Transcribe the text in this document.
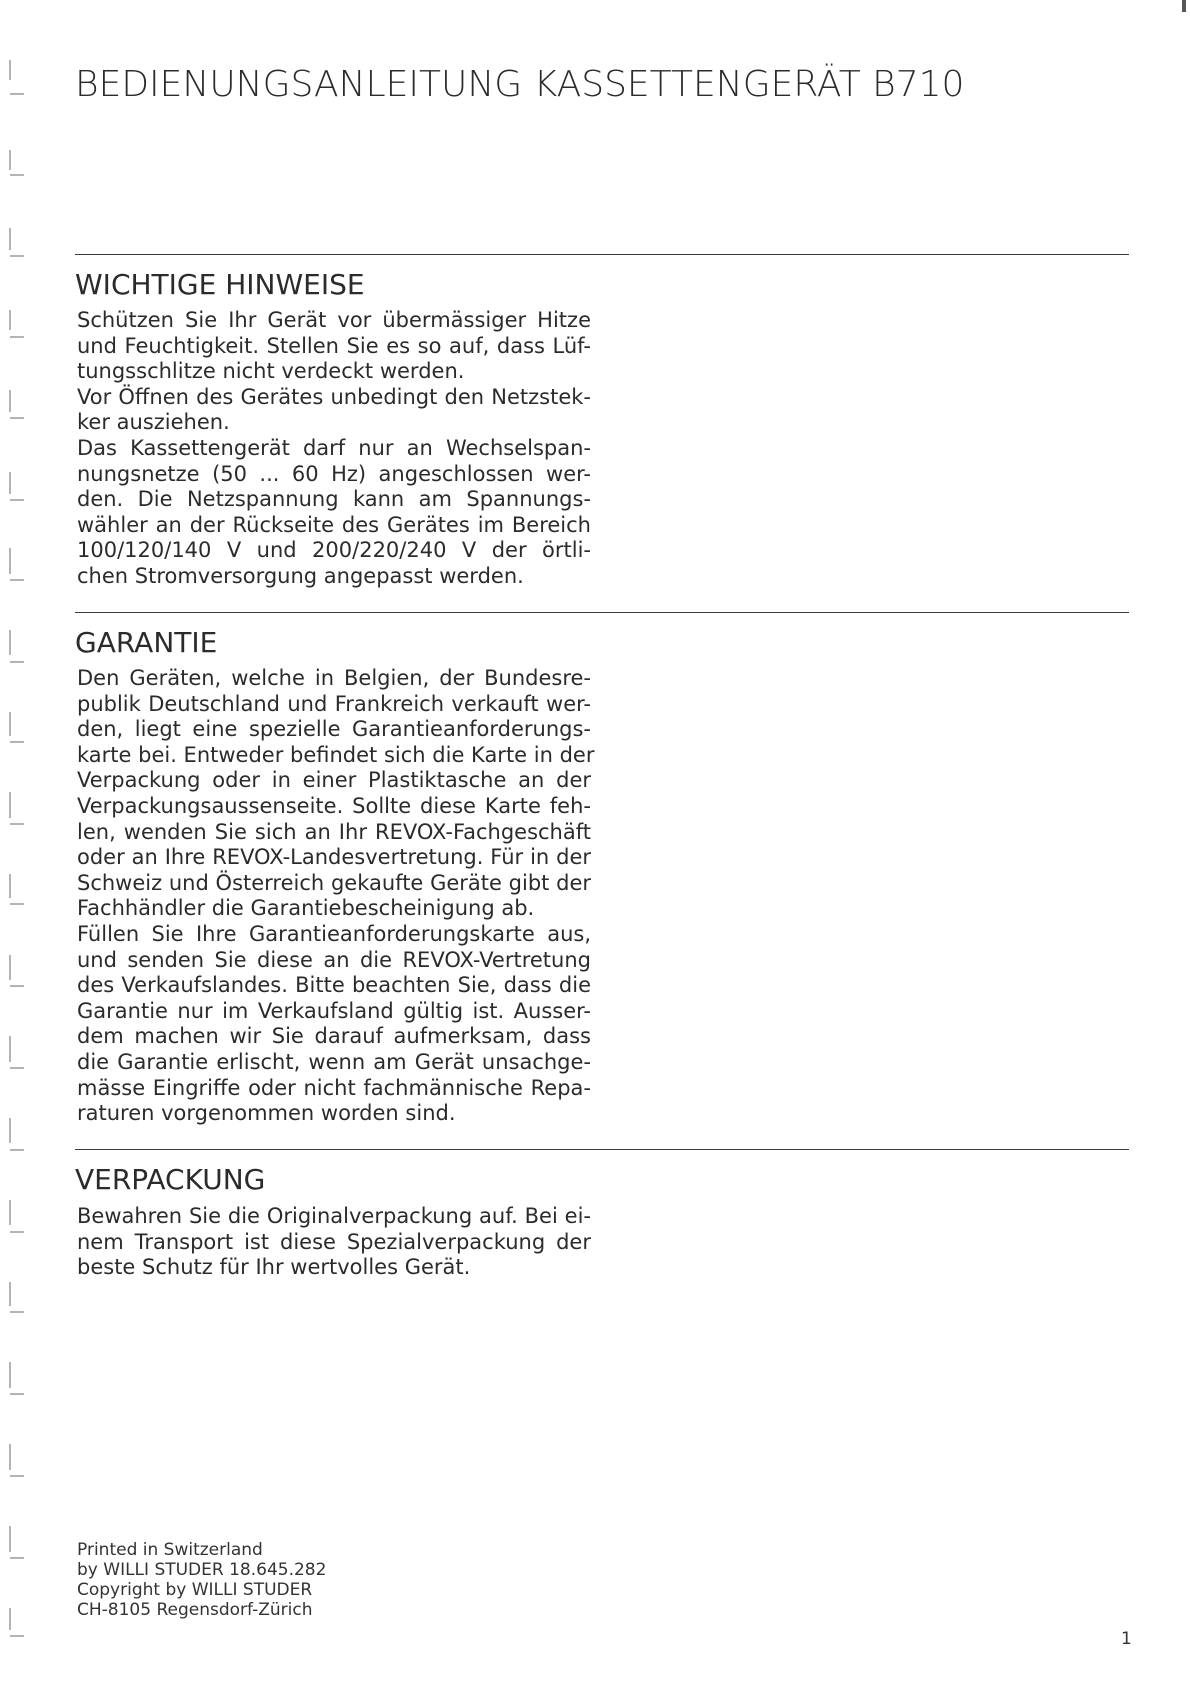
BEDIENUNGSANLEITUNG KASSETTENGERÄT B710
WICHTIGE HINWEISE
Schützen Sie Ihr Gerät vor übermässiger Hitze
und Feuchtigkeit. Stellen Sie es so auf, dass Lüf-
tungsschlitze nicht verdeckt werden.
Vor Öffnen des Gerätes unbedingt den Netzstek-
ker ausziehen.
Das Kassettengerät darf nur an Wechselspan-
nungsnetze (50 ... 60 Hz) angeschlossen wer-
den. Die Netzspannung kann am Spannungs-
wähler an der Rückseite des Gerätes im Bereich
100/120/140 V und 200/220/240 V der örtli-
chen Stromversorgung angepasst werden.
GARANTIE
Den Geräten, welche in Belgien, der Bundesre-
publik Deutschland und Frankreich verkauft wer-
den, liegt eine spezielle Garantieanforderungs-
karte bei. Entweder befindet sich die Karte in der
Verpackung oder in einer Plastiktasche an der
Verpackungsaussenseite. Sollte diese Karte feh-
len, wenden Sie sich an Ihr REVOX-Fachgeschäft
oder an Ihre REVOX-Landesvertretung. Für in der
Schweiz und Österreich gekaufte Geräte gibt der
Fachhändler die Garantiebescheinigung ab.
Füllen Sie Ihre Garantieanforderungskarte aus,
und senden Sie diese an die REVOX-Vertretung
des Verkaufslandes. Bitte beachten Sie, dass die
Garantie nur im Verkaufsland gültig ist. Ausser-
dem machen wir Sie darauf aufmerksam, dass
die Garantie erlischt, wenn am Gerät unsachge-
mässe Eingriffe oder nicht fachmännische Repa-
raturen vorgenommen worden sind.
VERPACKUNG
Bewahren Sie die Originalverpackung auf. Bei ei-
nem Transport ist diese Spezialverpackung der
beste Schutz für Ihr wertvolles Gerät.
Printed in Switzerland
by WILLI STUDER 18.645.282
Copyright by WILLI STUDER
CH-8105 Regensdorf-Zürich
1
